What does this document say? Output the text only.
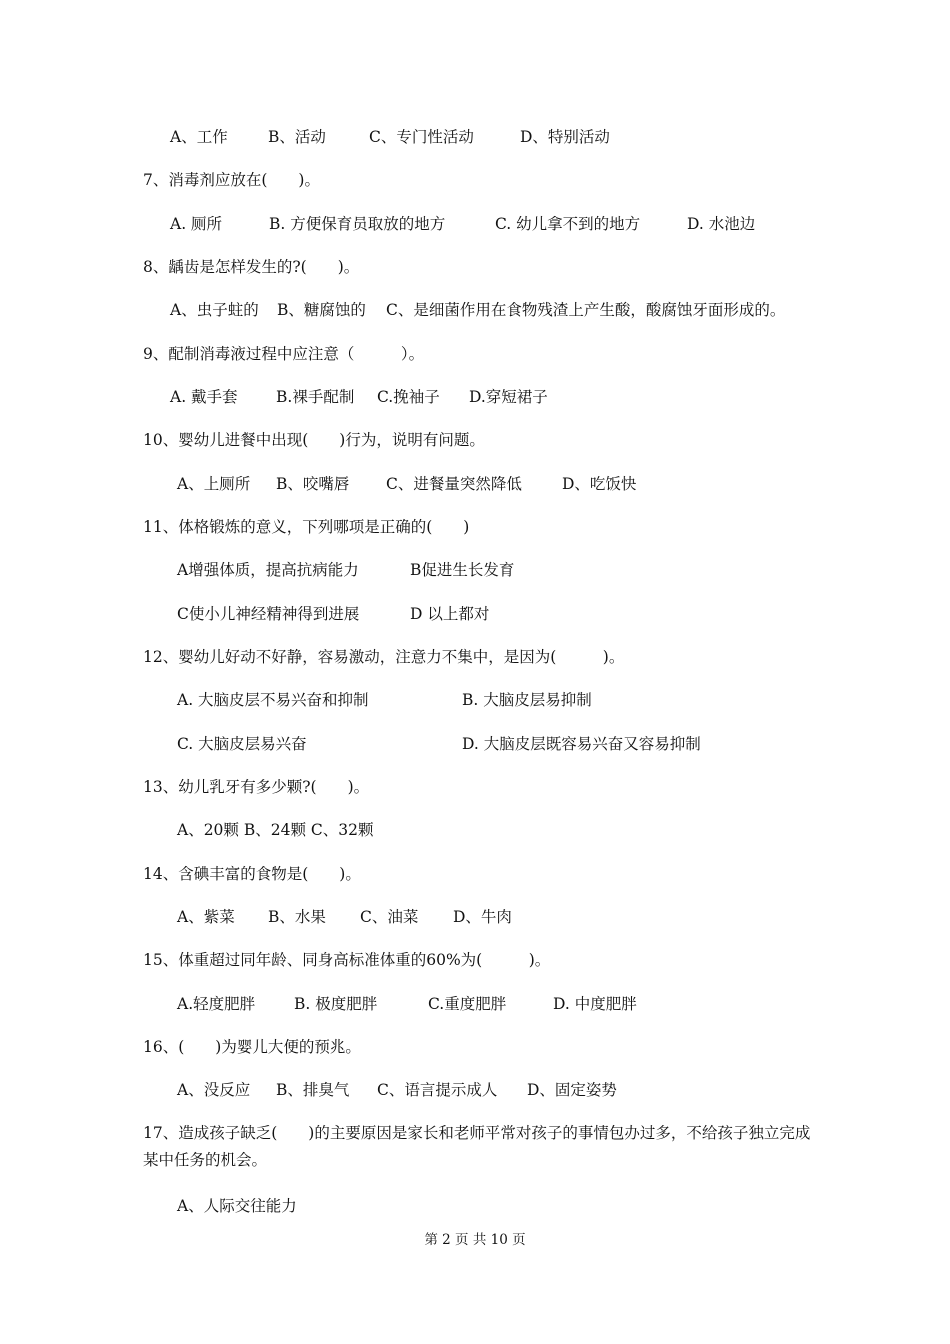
A、工作	B、活动	C、专门性活动	D、特别活动
7、消毒剂应放在(　　)。
A. 厕所	B. 方便保育员取放的地方	C. 幼儿拿不到的地方	D. 水池边
8、龋齿是怎样发生的?(　　)。
A、虫子蛀的 B、糖腐蚀的 C、是细菌作用在食物残渣上产生酸，酸腐蚀牙面形成的。
9、配制消毒液过程中应注意（　　　）。
A. 戴手套 B.裸手配制 C.挽袖子 D.穿短裙子
10、婴幼儿进餐中出现(　　)行为，说明有问题。
A、上厕所 B、咬嘴唇 C、进餐量突然降低	D、吃饭快
11、体格锻炼的意义，下列哪项是正确的(　　)
A增强体质，提高抗病能力	B促进生长发育
C使小儿神经精神得到进展	D 以上都对
12、婴幼儿好动不好静，容易激动，注意力不集中，是因为(　　　)。
A. 大脑皮层不易兴奋和抑制	B. 大脑皮层易抑制
C. 大脑皮层易兴奋	D. 大脑皮层既容易兴奋又容易抑制
13、幼儿乳牙有多少颗?(　　)。
A、20颗 B、24颗 C、32颗
14、含碘丰富的食物是(　　)。
A、紫菜 B、水果 C、油菜 D、牛肉
15、体重超过同年龄、同身高标准体重的60%为(　　　)。
A.轻度肥胖	B. 极度肥胖	C.重度肥胖	D. 中度肥胖
16、(　　)为婴儿大便的预兆。
A、没反应 B、排臭气 C、语言提示成人 D、固定姿势
17、造成孩子缺乏(　　)的主要原因是家长和老师平常对孩子的事情包办过多，不给孩子独立完成某中任务的机会。
A、人际交往能力
第 2 页 共 10 页
